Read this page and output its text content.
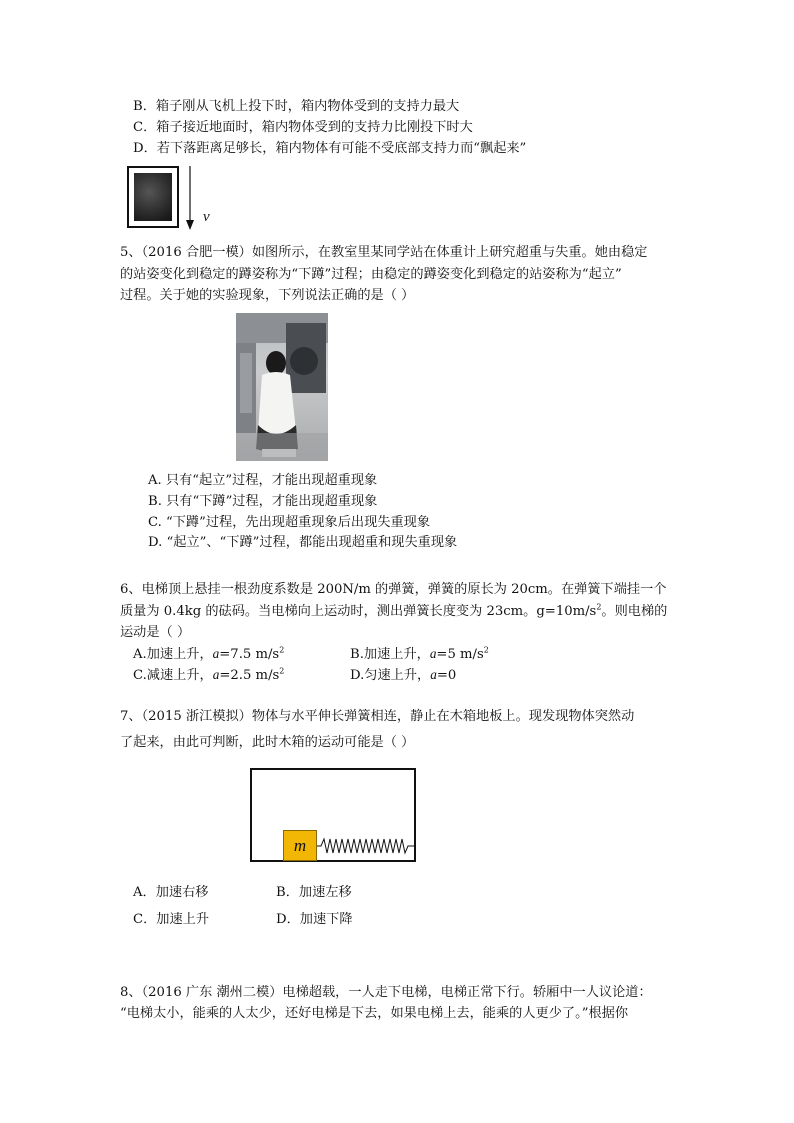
B．箱子刚从飞机上投下时，箱内物体受到的支持力最大
C．箱子接近地面时，箱内物体受到的支持力比刚投下时大
D．若下落距离足够长，箱内物体有可能不受底部支持力而“飘起来”
v
5、（2016 合肥一模）如图所示，在教室里某同学站在体重计上研究超重与失重。她由稳定
的站姿变化到稳定的蹲姿称为“下蹲”过程；由稳定的蹲姿变化到稳定的站姿称为“起立”
过程。关于她的实验现象，下列说法正确的是（ ）
A. 只有“起立”过程，才能出现超重现象
B. 只有“下蹲”过程，才能出现超重现象
C. “下蹲”过程，先出现超重现象后出现失重现象
D. “起立”、“下蹲”过程，都能出现超重和现失重现象
6、电梯顶上悬挂一根劲度系数是 200N/m 的弹簧，弹簧的原长为 20cm。在弹簧下端挂一个
质量为 0.4kg 的砝码。当电梯向上运动时，测出弹簧长度变为 23cm。$g=10m/s^2$。则电梯的
运动是（ ）
A.加速上升，a=7.5 $m/s^2$	B.加速上升，a=5 $m/s^2$
C.减速上升，a=2.5 $m/s^2$	D.匀速上升，a=0
7、（2015 浙江模拟）物体与水平伸长弹簧相连，静止在木箱地板上。现发现物体突然动
了起来，由此可判断，此时木箱的运动可能是（ ）
m
A．加速右移	B．加速左移
C．加速上升	D．加速下降
8、（2016 广东 潮州二模）电梯超载，一人走下电梯，电梯正常下行。轿厢中一人议论道：
“电梯太小，能乘的人太少，还好电梯是下去，如果电梯上去，能乘的人更少了。”根据你
